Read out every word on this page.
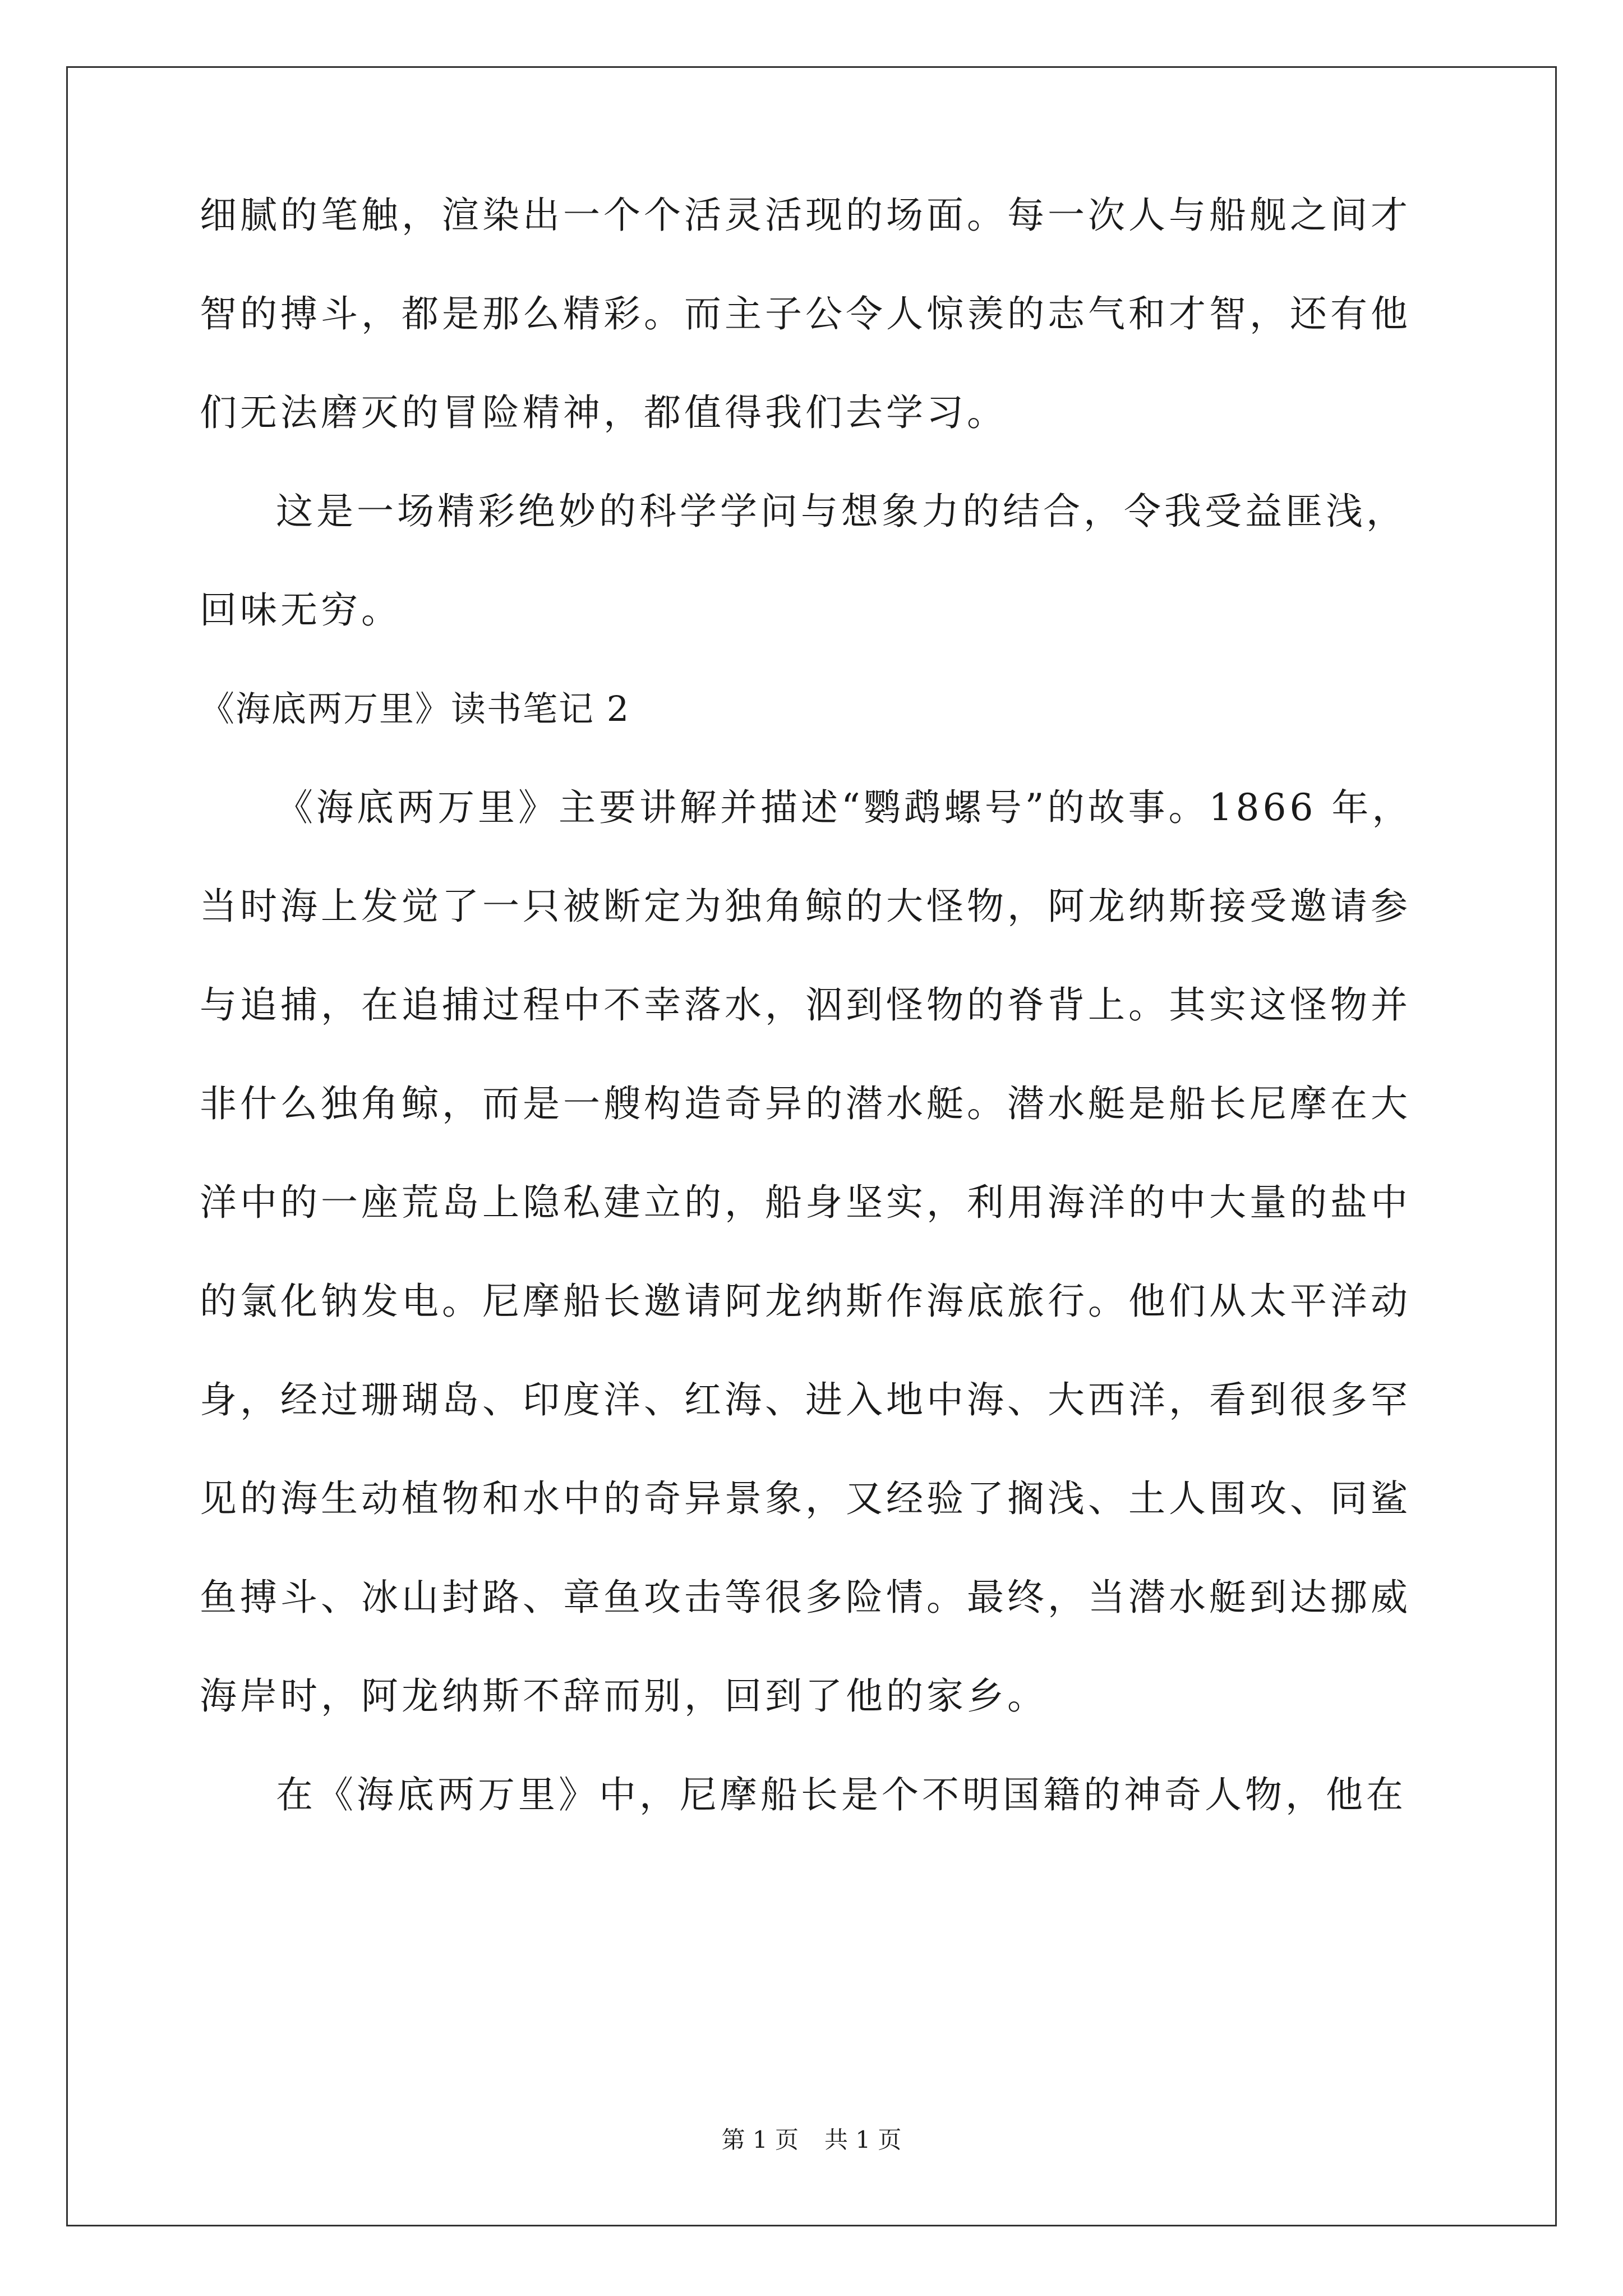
细腻的笔触，渲染出一个个活灵活现的场面。每一次人与船舰之间才
智的搏斗，都是那么精彩。而主子公令人惊羡的志气和才智，还有他
们无法磨灭的冒险精神，都值得我们去学习。
这是一场精彩绝妙的科学学问与想象力的结合，令我受益匪浅，
回味无穷。
《海底两万里》读书笔记 2
《海底两万里》主要讲解并描述“鹦鹉螺号”的故事。1866 年，
当时海上发觉了一只被断定为独角鲸的大怪物，阿龙纳斯接受邀请参
与追捕，在追捕过程中不幸落水，泅到怪物的脊背上。其实这怪物并
非什么独角鲸，而是一艘构造奇异的潜水艇。潜水艇是船长尼摩在大
洋中的一座荒岛上隐私建立的，船身坚实，利用海洋的中大量的盐中
的氯化钠发电。尼摩船长邀请阿龙纳斯作海底旅行。他们从太平洋动
身，经过珊瑚岛、印度洋、红海、进入地中海、大西洋，看到很多罕
见的海生动植物和水中的奇异景象，又经验了搁浅、土人围攻、同鲨
鱼搏斗、冰山封路、章鱼攻击等很多险情。最终，当潜水艇到达挪威
海岸时，阿龙纳斯不辞而别，回到了他的家乡。
在《海底两万里》中，尼摩船长是个不明国籍的神奇人物，他在
第 1 页 共 1 页
